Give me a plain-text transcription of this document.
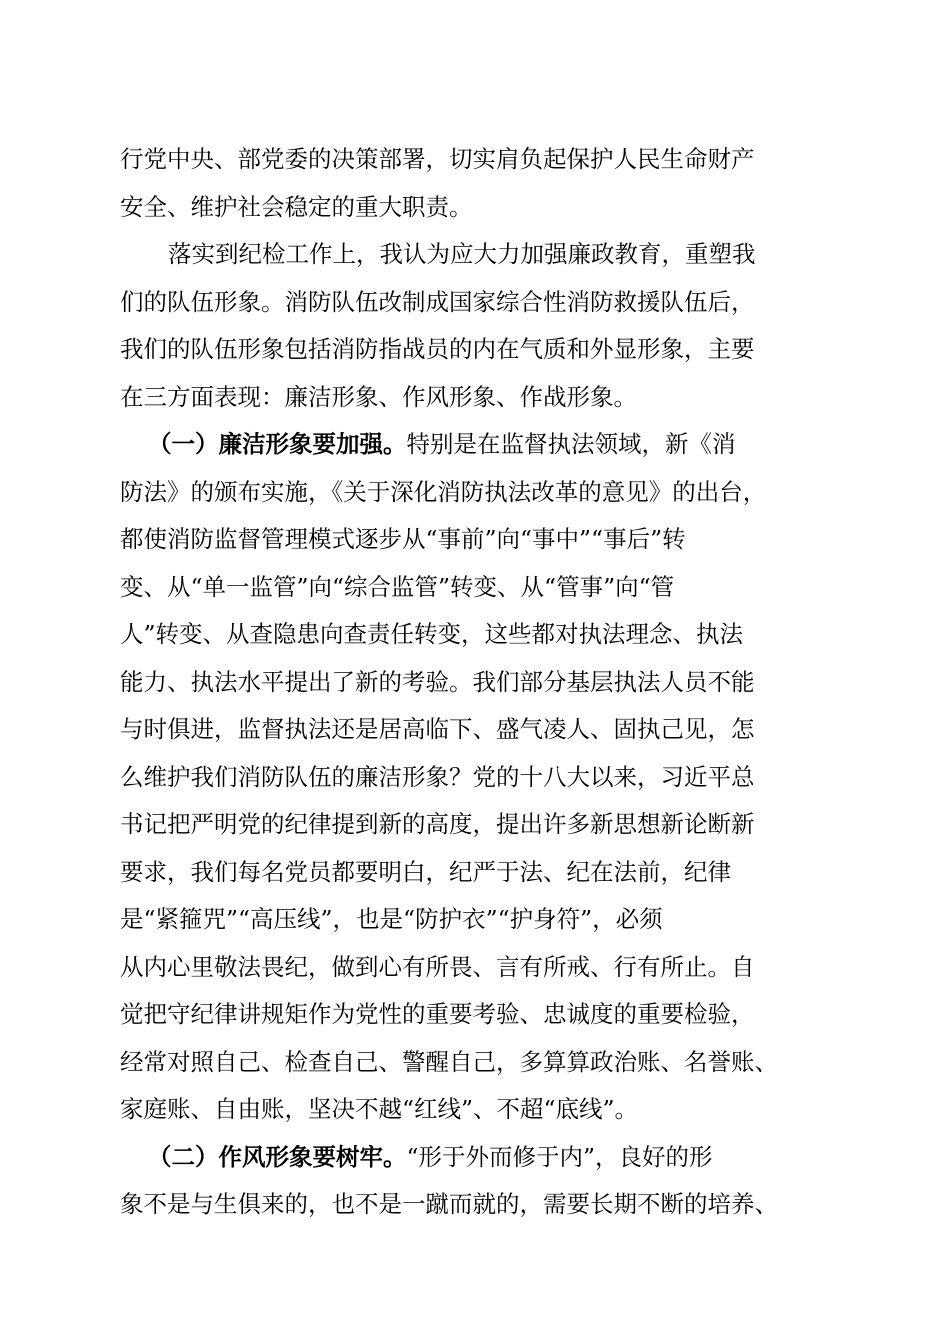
行党中央、部党委的决策部署，切实肩负起保护人民生命财产
安全、维护社会稳定的重大职责。
落实到纪检工作上，我认为应大力加强廉政教育，重塑我
们的队伍形象。消防队伍改制成国家综合性消防救援队伍后，
我们的队伍形象包括消防指战员的内在气质和外显形象，主要
在三方面表现：廉洁形象、作风形象、作战形象。
（一）廉洁形象要加强。特别是在监督执法领域，新《消
防法》的颁布实施，《关于深化消防执法改革的意见》的出台，
都使消防监督管理模式逐步从“事前”向“事中”“事后”转
变、从“单一监管”向“综合监管”转变、从“管事”向“管
人”转变、从查隐患向查责任转变，这些都对执法理念、执法
能力、执法水平提出了新的考验。我们部分基层执法人员不能
与时俱进，监督执法还是居高临下、盛气凌人、固执己见，怎
么维护我们消防队伍的廉洁形象？党的十八大以来，习近平总
书记把严明党的纪律提到新的高度，提出许多新思想新论断新
要求，我们每名党员都要明白，纪严于法、纪在法前，纪律
是“紧箍咒”“高压线”，也是“防护衣”“护身符”，必须
从内心里敬法畏纪，做到心有所畏、言有所戒、行有所止。自
觉把守纪律讲规矩作为党性的重要考验、忠诚度的重要检验，
经常对照自己、检查自己、警醒自己，多算算政治账、名誉账、
家庭账、自由账，坚决不越“红线”、不超“底线”。
（二）作风形象要树牢。“形于外而修于内”，良好的形
象不是与生俱来的，也不是一蹴而就的，需要长期不断的培养、
